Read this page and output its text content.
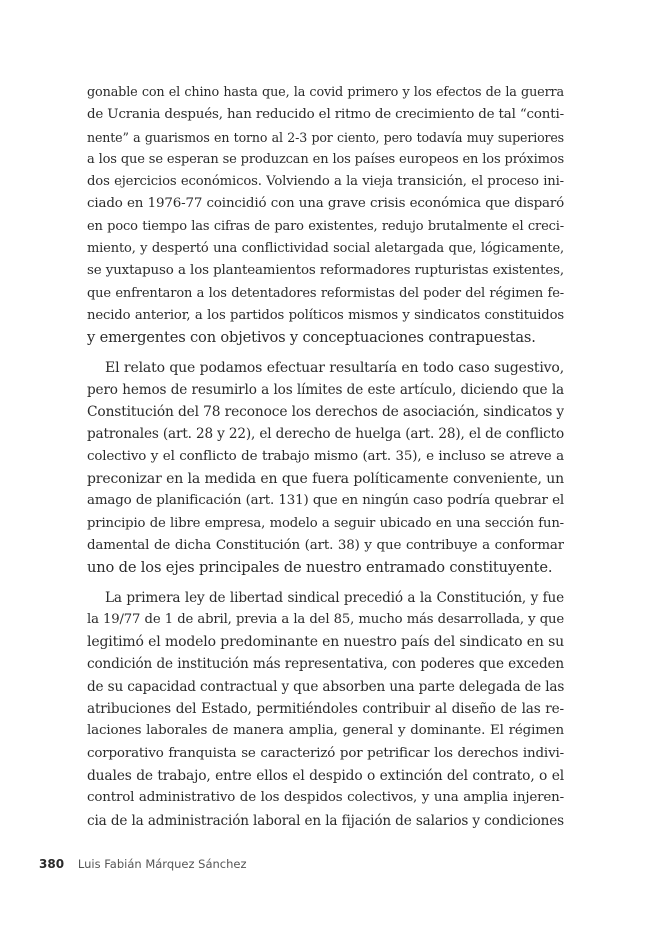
gonable con el chino hasta que, la covid primero y los efectos de la guerra
de Ucrania después, han reducido el ritmo de crecimiento de tal “conti-
nente” a guarismos en torno al 2-3 por ciento, pero todavía muy superiores
a los que se esperan se produzcan en los países europeos en los próximos
dos ejercicios económicos. Volviendo a la vieja transición, el proceso ini-
ciado en 1976-77 coincidió con una grave crisis económica que disparó
en poco tiempo las cifras de paro existentes, redujo brutalmente el creci-
miento, y despertó una conflictividad social aletargada que, lógicamente,
se yuxtapuso a los planteamientos reformadores rupturistas existentes,
que enfrentaron a los detentadores reformistas del poder del régimen fe-
necido anterior, a los partidos políticos mismos y sindicatos constituidos
y emergentes con objetivos y conceptuaciones contrapuestas.
El relato que podamos efectuar resultaría en todo caso sugestivo,
pero hemos de resumirlo a los límites de este artículo, diciendo que la
Constitución del 78 reconoce los derechos de asociación, sindicatos y
patronales (art. 28 y 22), el derecho de huelga (art. 28), el de conflicto
colectivo y el conflicto de trabajo mismo (art. 35), e incluso se atreve a
preconizar en la medida en que fuera políticamente conveniente, un
amago de planificación (art. 131) que en ningún caso podría quebrar el
principio de libre empresa, modelo a seguir ubicado en una sección fun-
damental de dicha Constitución (art. 38) y que contribuye a conformar
uno de los ejes principales de nuestro entramado constituyente.
La primera ley de libertad sindical precedió a la Constitución, y fue
la 19/77 de 1 de abril, previa a la del 85, mucho más desarrollada, y que
legitimó el modelo predominante en nuestro país del sindicato en su
condición de institución más representativa, con poderes que exceden
de su capacidad contractual y que absorben una parte delegada de las
atribuciones del Estado, permitiéndoles contribuir al diseño de las re-
laciones laborales de manera amplia, general y dominante. El régimen
corporativo franquista se caracterizó por petrificar los derechos indivi-
duales de trabajo, entre ellos el despido o extinción del contrato, o el
control administrativo de los despidos colectivos, y una amplia injeren-
cia de la administración laboral en la fijación de salarios y condiciones
380 Luis Fabián Márquez Sánchez
